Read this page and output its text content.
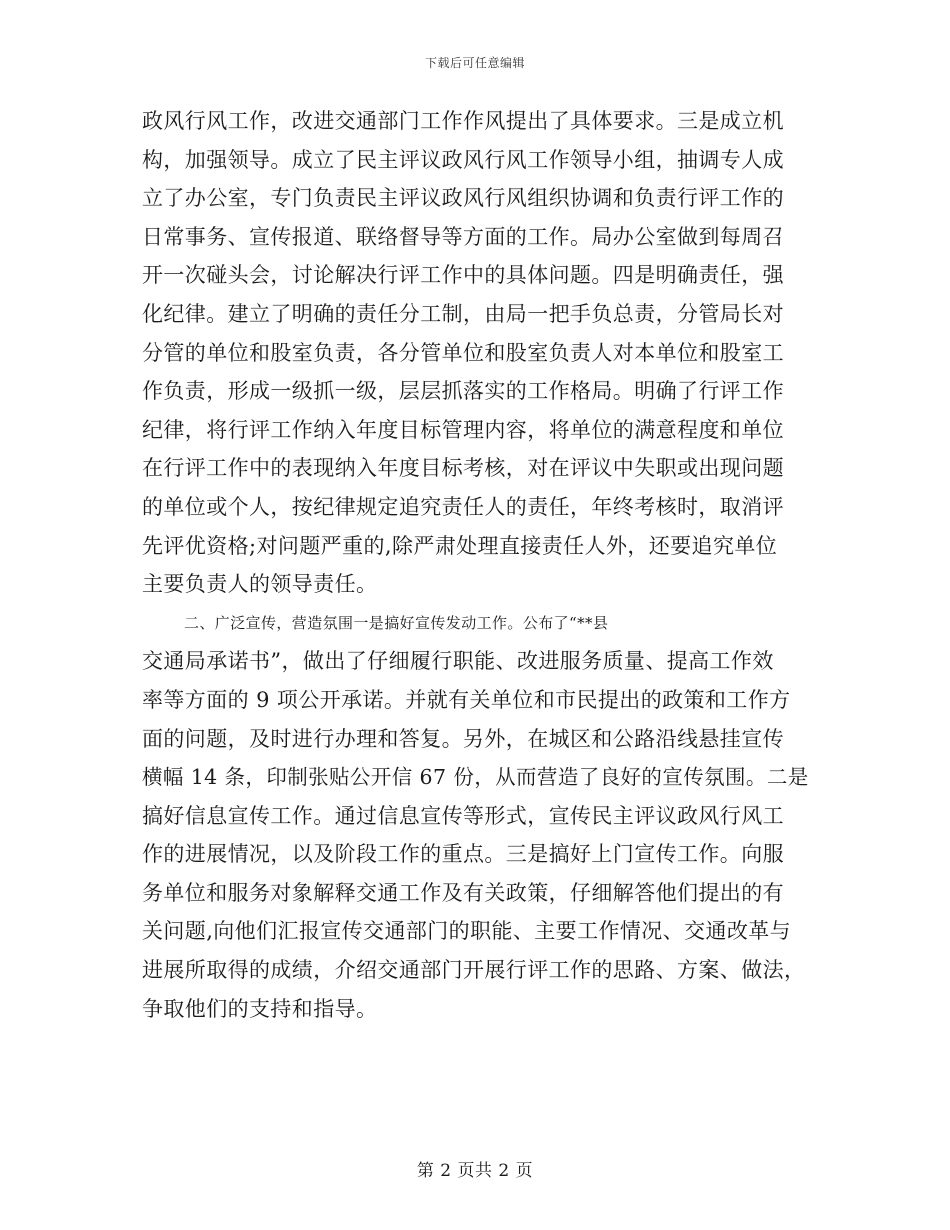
下载后可任意编辑

政风行风工作，改进交通部门工作作风提出了具体要求。三是成立机
构，加强领导。成立了民主评议政风行风工作领导小组，抽调专人成
立了办公室，专门负责民主评议政风行风组织协调和负责行评工作的
日常事务、宣传报道、联络督导等方面的工作。局办公室做到每周召
开一次碰头会，讨论解决行评工作中的具体问题。四是明确责任，强
化纪律。建立了明确的责任分工制，由局一把手负总责，分管局长对
分管的单位和股室负责，各分管单位和股室负责人对本单位和股室工
作负责，形成一级抓一级，层层抓落实的工作格局。明确了行评工作
纪律，将行评工作纳入年度目标管理内容，将单位的满意程度和单位
在行评工作中的表现纳入年度目标考核，对在评议中失职或出现问题
的单位或个人，按纪律规定追究责任人的责任，年终考核时，取消评
先评优资格;对问题严重的,除严肃处理直接责任人外，还要追究单位
主要负责人的领导责任。

二、广泛宣传，营造氛围一是搞好宣传发动工作。公布了“**县
交通局承诺书”，做出了仔细履行职能、改进服务质量、提高工作效
率等方面的 9 项公开承诺。并就有关单位和市民提出的政策和工作方
面的问题，及时进行办理和答复。另外，在城区和公路沿线悬挂宣传
横幅 14 条，印制张贴公开信 67 份，从而营造了良好的宣传氛围。二是
搞好信息宣传工作。通过信息宣传等形式，宣传民主评议政风行风工
作的进展情况，以及阶段工作的重点。三是搞好上门宣传工作。向服
务单位和服务对象解释交通工作及有关政策，仔细解答他们提出的有
关问题,向他们汇报宣传交通部门的职能、主要工作情况、交通改革与
进展所取得的成绩，介绍交通部门开展行评工作的思路、方案、做法，
争取他们的支持和指导。

第 2 页共 2 页
